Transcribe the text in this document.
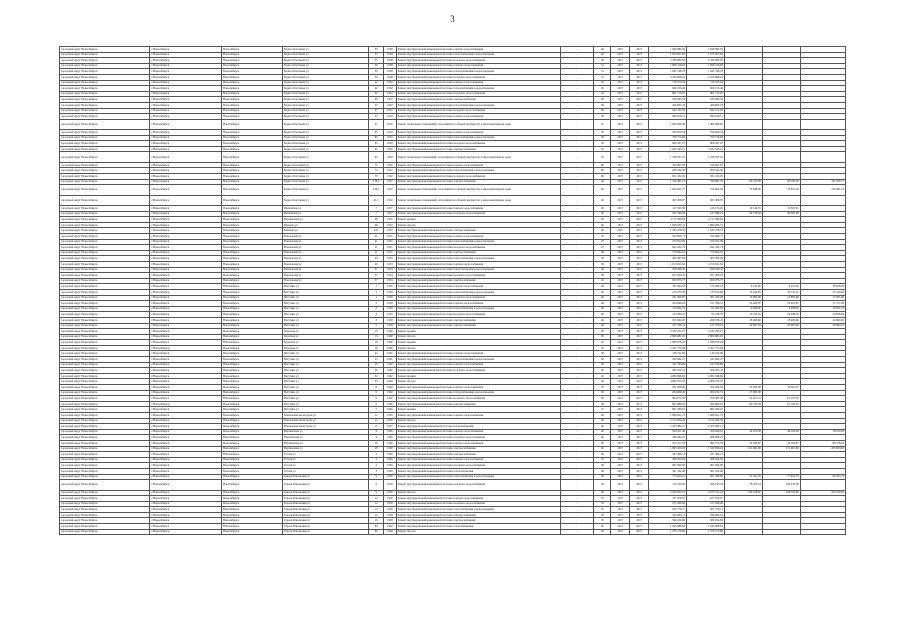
3
городской округ Новосибирск	г.Новосибирск	Новосибирск	Бориса Богаткова ул	33	1958	Ремонт внутридомовой инженерной системы горячего водоснабжения	-	40	2017	2017	1 048 385,56	1 048 385,56			
городской округ Новосибирск	г.Новосибирск	Новосибирск	Бориса Богаткова ул	33	1958	Ремонт внутридомовой инженерной системы теплоснабжения и водоотведения	-	40	2017	2017	1 673 657,65	1 673 657,65			
городской округ Новосибирск	г.Новосибирск	Новосибирск	Бориса Богаткова ул	35	1958	Ремонт внутридомовой инженерной системы холодного водоснабжения	-	30	2017	2017	2 789 082,05	2 789 082,05			
городской округ Новосибирск	г.Новосибирск	Новосибирск	Бориса Богаткова ул	39	1958	Ремонт внутридомовой инженерной системы горячего водоснабжения	-	51	2017	2017	1 696 316,95	1 696 316,95			
городской округ Новосибирск	г.Новосибирск	Новосибирск	Бориса Богаткова ул	39	1958	Ремонт внутридомовой инженерной системы теплоснабжения и водоотведения	-	51	2017	2017	1 645 748,78	1 645 748,78			
городской округ Новосибирск	г.Новосибирск	Новосибирск	Бориса Богаткова ул	39	1958	Ремонт внутридомовой инженерной системы холодного водоснабжения	-	51	2017	2017	2 323 698,22	2 323 698,22			
городской округ Новосибирск	г.Новосибирск	Новосибирск	Бориса Богаткова ул	42	1952	Ремонт внутридомовой инженерной системы горячего водоснабжения	-	45	2017	2017	718 475,64	718 475,64			
городской округ Новосибирск	г.Новосибирск	Новосибирск	Бориса Богаткова ул	42	1952	Ремонт внутридомовой инженерной системы теплоснабжения и водоотведения	-	45	2017	2017	960 153,46	960 153,46			
городской округ Новосибирск	г.Новосибирск	Новосибирск	Бориса Богаткова ул	42	1952	Ремонт внутридомовой инженерной системы холодного водоснабжения	-	45	2017	2017	801 715,67	801 715,67			
городской округ Новосибирск	г.Новосибирск	Новосибирск	Бориса Богаткова ул	45	1952	Ремонт внутридомовой инженерной системы электроснабжения	-	28	2017	2017	556 395,34	556 395,34			
городской округ Новосибирск	г.Новосибирск	Новосибирск	Бориса Богаткова ул	47	1952	Ремонт внутридомовой инженерной системы теплоснабжения и водоотведения	-	30	2017	2017	458 965,18	458 965,18			
городской округ Новосибирск	г.Новосибирск	Новосибирск	Бориса Богаткова ул	47	1952	Ремонт внутридомовой инженерной системы холодного водоснабжения	-	30	2017	2017	642 131,95	642 131,95			
городской округ Новосибирск	г.Новосибирск	Новосибирск	Бориса Богаткова ул	47	1952	Ремонт внутридомовой инженерной системы горячего водоснабжения	-	30	2017	2017	690 916,11	690 916,11			
городской округ Новосибирск	г.Новосибирск	Новосибирск	Бориса Богаткова ул	47	1952	Ремонт подвальных помещений, относящихся к общему имуществу в многоквартирном доме	-	37	2017	2017	1 000 999,40	1 000 999,40			
городской округ Новосибирск	г.Новосибирск	Новосибирск	Бориса Богаткова ул	65	1952	Ремонт внутридомовой инженерной системы горячего водоснабжения	-	35	2017	2017	790 650,54	790 650,54			
городской округ Новосибирск	г.Новосибирск	Новосибирск	Бориса Богаткова ул	65	1952	Ремонт внутридомовой инженерной системы теплоснабжения и водоотведения	-	35	2017	2017	759 713,84	759 713,84			
городской округ Новосибирск	г.Новосибирск	Новосибирск	Бориса Богаткова ул	65	1952	Ремонт внутридомовой инженерной системы холодного водоснабжения	-	35	2017	2017	806 437,07	806 437,07			
городской округ Новосибирск	г.Новосибирск	Новосибирск	Бориса Богаткова ул	65	1952	Ремонт внутридомовой инженерной системы электроснабжения	-	35	2017	2017	1 032 543,15	1 032 543,15			
городской округ Новосибирск	г.Новосибирск	Новосибирск	Бориса Богаткова ул	65	1952	Ремонт подвальных помещений, относящихся к общему имуществу в многоквартирном доме	-	35	2017	2017	1 768 597,25	1 768 597,25			
городской округ Новосибирск	г.Новосибирск	Новосибирск	Бориса Богаткова ул	75	1952	Ремонт внутридомовой инженерной системы горячего водоснабжения	-	80	2017	2017	316 907,87	316 907,87			
городской округ Новосибирск	г.Новосибирск	Новосибирск	Бориса Богаткова ул	75	1952	Ремонт внутридомовой инженерной системы теплоснабжения и водоотведения	-	80	2017	2017	200 542,56	200 542,56			
городской округ Новосибирск	г.Новосибирск	Новосибирск	Бориса Богаткова ул	75	1952	Ремонт внутридомовой инженерной системы холодного водоснабжения	-	80	2017	2017	651 162,95	651 162,95			
городской округ Новосибирск	г.Новосибирск	Новосибирск	Бориса Богаткова ул	210/1	1957	Ремонт внутридомовой инженерной системы электроснабжения	-	40	2017	2017	1 159 481,16	798 991,70	80 153,99	90 182,99	191 043,77
городской округ Новосибирск	г.Новосибирск	Новосибирск	Бориса Богаткова ул	210/1	1957	Ремонт подвальных помещений, относящихся к общему имуществу в многоквартирном доме	-	40	2017	2017	1 095 641,77	756 004,02	79 638,06	79 915,59	190 081,23
городской округ Новосибирск	г.Новосибирск	Новосибирск	Бориса Богаткова ул	41/1	1952	Ремонт подвальных помещений, относящихся к общему имуществу в многоквартирном доме	-	40	2017	2017	497 208,87	497 208,87			
городской округ Новосибирск	г.Новосибирск	Новосибирск	Вилюйская ул	7	1957	Ремонт внутридомовой инженерной системы горячего водоснабжения	-	30	2017	2017	147 325,00	126 172,63	10 516,76	10 635,61	
городской округ Новосибирск	г.Новосибирск	Новосибирск	Вилюйская ул	7	1957	Ремонт внутридомовой инженерной системы холодного водоснабжения	-	30	2017	2017	267 543,03	197 380,01	30 770,04	39 392,98	
городской округ Новосибирск	г.Новосибирск	Новосибирск	Вертковская ул	26	1955	Ремонт крыши	-	40	2017	2017	4 717 366,94	4 717 366,94			
городской округ Новосибирск	г.Новосибирск	Новосибирск	Блюхера ул	48	1953	Ремонт фасада	-	40	2017	2017	1 090 636,74	1 090 636,74			
городской округ Новосибирск	г.Новосибирск	Новосибирск	Блюхера ул	24/1	1952	Ремонт внутридомовой инженерной системы электроснабжения	-	40	2017	2017	1 183 478,35	1 183 478,35			
городской округ Новосибирск	г.Новосибирск	Новосибирск	Вокзальная ул	21	1951	Ремонт внутридомовой инженерной системы горячего водоснабжения	-	47	2017	2017	532 820,71	532 820,71			
городской округ Новосибирск	г.Новосибирск	Новосибирск	Вокзальная ул	21	1951	Ремонт внутридомовой инженерной системы теплоснабжения и водоотведения	-	47	2017	2017	272 812,69	272 812,69			
городской округ Новосибирск	г.Новосибирск	Новосибирск	Вокзальная ул	21	1951	Ремонт внутридомовой инженерной системы холодного водоснабжения	-	47	2017	2017	642 422,74	642 422,74			
городской округ Новосибирск	г.Новосибирск	Новосибирск	Вокзальная ул	21	1951	Ремонт внутридомовой инженерной системы электроснабжения	-	38	2017	2017	770 602,61	770 602,61			
городской округ Новосибирск	г.Новосибирск	Новосибирск	Вокзальная ул	29	1953	Ремонт внутридомовой инженерной системы теплоснабжения и водоотведения	-	39	2017	2017	405 385,06	405 385,06			
городской округ Новосибирск	г.Новосибирск	Новосибирск	Вокзальная ул	29	1953	Ремонт внутридомовой инженерной системы горячего водоснабжения	-	39	2017	2017	1 013 021,64	1 013 021,64			
городской округ Новосибирск	г.Новосибирск	Новосибирск	Вокзальная ул	31	1953	Ремонт внутридомовой инженерной системы теплоснабжения и водоотведения	-	40	2017	2017	558 206,32	558 206,32			
городской округ Новосибирск	г.Новосибирск	Новосибирск	Вокзальная ул	37	1954	Ремонт внутридомовой инженерной системы холодного водоснабжения	-	30	2017	2017	627 200,25	627 200,25			
городской округ Новосибирск	г.Новосибирск	Новосибирск	Вокзальная ул	37	1954	Ремонт внутридомовой инженерной системы электроснабжения	-	45	2017	2017	659 973,77	659 973,77			
городской округ Новосибирск	г.Новосибирск	Новосибирск	Ватутина ул	1	1959	Ремонт внутридомовой инженерной системы горячего водоснабжения	-	40	2017	2017	161 664,56	124 289,61	9 245,00	9 241,00	18 628,00
городской округ Новосибирск	г.Новосибирск	Новосибирск	Ватутина ул	1	1959	Ремонт внутридомовой инженерной системы теплоснабжения и водоотведения	-	40	2017	2017	210 475,56	137 193,83	15 442,85	20 741,31	35 160,00
городской округ Новосибирск	г.Новосибирск	Новосибирск	Ватутина ул	1	1959	Ремонт внутридомовой инженерной системы холодного водоснабжения	-	40	2017	2017	251 609,87	201 259,96	15 895,00	15 895,00	17 665,00
городской округ Новосибирск	г.Новосибирск	Новосибирск	Ватутина ул	3	1959	Ремонт внутридомовой инженерной системы горячего водоснабжения	-	40	2017	2017	294 846,02	197 786,51	23 425,87	23 425,87	51 377,99
городской округ Новосибирск	г.Новосибирск	Новосибирск	Ватутина ул	3	1959	Ремонт внутридомовой инженерной системы теплоснабжения и водоотведения	-	40	2017	2017	150 664,73	111 695,63	9 658,00	9 658,00	19 651,10
городской округ Новосибирск	г.Новосибирск	Новосибирск	Ватутина ул	3	1959	Ремонт внутридомовой инженерной системы холодного водоснабжения	-	40	2017	2017	152 006,35	95 730,78	15 150,32	20 298,56	20 826,69
городской округ Новосибирск	г.Новосибирск	Новосибирск	Ватутина ул	3	1959	Ремонт внутридомовой инженерной системы электроснабжения	-	40	2017	2017	351 662,05	269 979,25	18 406,60	18 406,60	44 869,60
городской округ Новосибирск	г.Новосибирск	Новосибирск	Ватутина ул	5	1959	Ремонт внутридомовой инженерной системы электроснабжения	-	40	2017	2017	227 256,14	157 575,10	20 907,84	20 907,84	49 864,61
городской округ Новосибирск	г.Новосибирск	Новосибирск	Бердская ул	13	1960	Ремонт крыши	-	40	2017	2017	2 162 222,07	2 162 222,07			
городской округ Новосибирск	г.Новосибирск	Новосибирск	Бердская ул	13	1960	Ремонт фасада	-	45	2017	2017	2 806 681,02	2 806 681,02			
городской округ Новосибирск	г.Новосибирск	Новосибирск	Бердская ул	16	1960	Ремонт крыши	-	45	2017	2017	1 838 078,26	1 838 078,26			
городской округ Новосибирск	г.Новосибирск	Новосибирск	Бердская ул	16	1960	Ремонт фасада	-	45	2017	2017	2 457 772,48	2 457 772,48			
городской округ Новосибирск	г.Новосибирск	Новосибирск	Ватутина ул	23	1961	Ремонт внутридомовой инженерной системы горячего водоснабжения	-	50	2017	2017	148 722,00	148 722,00			
городской округ Новосибирск	г.Новосибирск	Новосибирск	Ватутина ул	23	1961	Ремонт внутридомовой инженерной системы теплоснабжения и водоотведения	-	50	2017	2017	232 962,27	232 962,27			
городской округ Новосибирск	г.Новосибирск	Новосибирск	Ватутина ул	26	1962	Ремонт внутридомовой инженерной системы горячего водоснабжения	-	30	2017	2017	197 794,89	197 794,89			
городской округ Новосибирск	г.Новосибирск	Новосибирск	Ватутина ул	26	1962	Ремонт внутридомовой инженерной системы холодного водоснабжения	-	30	2017	2017	200 352,41	200 352,41			
городской округ Новосибирск	г.Новосибирск	Новосибирск	Ватутина ул	32	1962	Ремонт крыши	-	30	2017	2017	4 084 598,66	4 084 598,66			
городской округ Новосибирск	г.Новосибирск	Новосибирск	Ватутина ул	35	1962	Ремонт фасада	-	40	2017	2017	4 083 915,55	4 083 915,55			
городской округ Новосибирск	г.Новосибирск	Новосибирск	Ватутина ул	6	1962	Ремонт внутридомовой инженерной системы горячего водоснабжения	-	45	2017	2017	351 909,69	259 264,63	35 200,00	45 091,07	
городской округ Новосибирск	г.Новосибирск	Новосибирск	Ватутина ул	6	1962	Ремонт внутридомовой инженерной системы теплоснабжения и водоотведения	-	30	2017	2017	264 600,46	204 182,74	27 000,00		
городской округ Новосибирск	г.Новосибирск	Новосибирск	Ватутина ул	6	1962	Ремонт внутридомовой инженерной системы холодного водоснабжения	-	30	2017	2017	364 271,85	256 467,56	45 427,19	61 247,30	
городской округ Новосибирск	г.Новосибирск	Новосибирск	Ватутина ул	6	1962	Ремонт внутридомовой инженерной системы электроснабжения	-	30	2017	2017	697 686,95	564 806,87	60 753,59	81 195,02	
городской округ Новосибирск	г.Новосибирск	Новосибирск	Ватутина ул	7	1962	Ремонт крыши	-	37	2017	2017	861 639,01	861 639,01			
городской округ Новосибирск	г.Новосибирск	Новосибирск	Вокзальная магистраль ул	12	1955	Ремонт внутридомовой инженерной системы горячего водоснабжения	-	40	2017	2017	1 066 621,72	1 066 621,72			
городской округ Новосибирск	г.Новосибирск	Новосибирск	Вокзальная магистраль ул	12	1955	Ремонт фасада	-	40	2017	2017	2 154 034,34	2 154 034,34			
городской округ Новосибирск	г.Новосибирск	Новосибирск	Вокзальная магистраль ул	15	1957	Ремонт внутридомовой инженерной системы теплоснабжения	-	30	2017	2017	2 323 482,21	2 323 482,21			
городской округ Новосибирск	г.Новосибирск	Новосибирск	Вертковская ул	4	1965	Ремонт внутридомовой инженерной системы горячего водоснабжения	-	40	2017	2017	338 351,46	259 943,61	49 102,38	49 102,38	18 974,85
городской округ Новосибирск	г.Новосибирск	Новосибирск	Вертковская ул	4	1965	Ремонт внутридомовой инженерной системы холодного водоснабжения	-	40	2017	2017	368 284,25	368 284,25			
городской округ Новосибирск	г.Новосибирск	Новосибирск	Вертковская ул	28	1960	Ремонт внутридомовой инженерной системы горячего водоснабжения	-	40	2017	2017	972 311,58	896 772,79	45 169,87	45 169,87	98 478,03
городской округ Новосибирск	г.Новосибирск	Новосибирск	Вертковская ул	28	1960	Ремонт внутридомовой инженерной системы электроснабжения	-	40	2017	2017	1 905 350,36	1 547 826,44	131 961,06	131 961,06	263 823,82
городской округ Новосибирск	г.Новосибирск	Новосибирск	Гоголя ул	3	1965	Ремонт внутридомовой инженерной системы электроснабжения	-	30	2017	2017	337 466,14	337 466,14			
городской округ Новосибирск	г.Новосибирск	Новосибирск	Гоголя ул	3	1965	Ремонт внутридомовой инженерной системы горячего водоснабжения	-	35	2017	2017	298 254,56	298 254,56			
городской округ Новосибирск	г.Новосибирск	Новосибирск	Гоголя ул	3	1965	Ремонт внутридомовой инженерной системы холодного водоснабжения	-	30	2017	2017	661 850,00	661 850,00			
городской округ Новосибирск	г.Новосибирск	Новосибирск	Гоголя ул	3	1965	Ремонт внутридомовой инженерной системы теплоснабжения	-	30	2017	2017	361 182,66	361 182,66			
городской округ Новосибирск	г.Новосибирск	Новосибирск	Героев Революции ул	9	1955	Ремонт внутридомовой инженерной системы теплоснабжения и водоотведения	-	30	2017	2017	775 623,21	501 990,60	31 241,29	77 941,70	69 955,74
городской округ Новосибирск	г.Новосибирск	Новосибирск	Героев Революции ул	9	1955	Ремонт внутридомовой инженерной системы холодного водоснабжения	-	30	2017	2017	716 194,82	436 195,24	78 253,54	100 478,58	
городской округ Новосибирск	г.Новосибирск	Новосибирск	Героев Революции ул	9	1955	Ремонт фасада	-	40	2017	2017	2 790 002,13	2 670 721,44	169 228,30	168 726,80	253 520,69
городской округ Новосибирск	г.Новосибирск	Новосибирск	Героев Революции ул	12	1959	Ремонт внутридомовой инженерной системы горячего водоснабжения	-	35	2017	2017	107 976,97	107 976,97			
городской округ Новосибирск	г.Новосибирск	Новосибирск	Героев Революции ул	12	1959	Ремонт внутридомовой инженерной системы холодного водоснабжения	-	35	2017	2017	271 920,06	271 920,06			
городской округ Новосибирск	г.Новосибирск	Новосибирск	Героев Революции ул	12	1959	Ремонт внутридомовой инженерной системы теплоснабжения и водоотведения	-	35	2017	2017	205 776,71	205 776,71			
городской округ Новосибирск	г.Новосибирск	Новосибирск	Героев Революции ул	12	1959	Ремонт внутридомовой инженерной системы электроснабжения	-	35	2017	2017	339 063,12	339 063,12			
городской округ Новосибирск	г.Новосибирск	Новосибирск	Героев Революции ул	16	1959	Ремонт внутридомовой инженерной системы электроснабжения	-	35	2017	2017	569 254,69	569 254,69			
городской округ Новосибирск	г.Новосибирск	Новосибирск	Героев Революции ул	80	1949	Ремонт внутридомовой инженерной системы теплоснабжения	-	40	2017	2017	1 045 988,64	1 045 988,64			
городской округ Новосибирск	г.Новосибирск	Новосибирск	Героев Революции ул	80	1949	Ремонт фасада	-	40	2017	2017	1 376 170,80	1 376 170,80			
